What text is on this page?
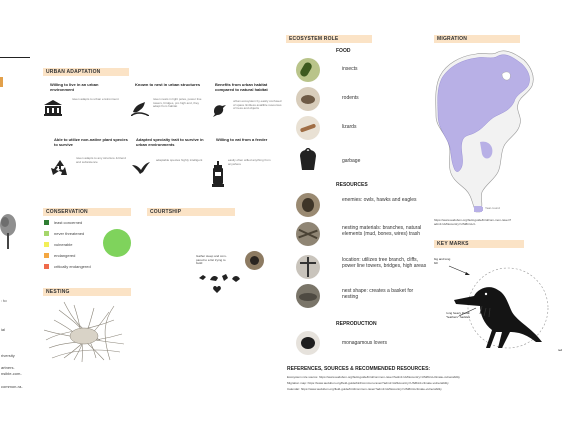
: to
ial
riversity
artners.
nsible-com-
common-ra-
URBAN ADAPTATION
Willing to live in an urban environment
raven adapts to urban environment
Known to nest in urban structures
raven nests in light poles, power line towers, bridges, pro high and, they adapt from habitat
Benefits from urban habitat compared to natural habitat
urban ecosystem by easily confused of space limitless availible resources of tress and objects
Able to utilize non-native plant species to survive
raven adapts to any structure & blend and subsistence
Adapted specialty trait to survive in urban environments
adaptable species highly intelligent
Willing to eat from a feeder
easily often willed anything from anywhere
CONSERVATION
least concerned
never threatened
vulnerable
endangered
critically endangered
COURTSHIP
Gather steep and com-
pared to a list trying to
build
NESTING
ECOSYSTEM ROLE
FOOD
insects
rodents
lizards
garbage
RESOURCES
enemies: owls, hawks and eagles
nesting materials: branches, natural elements (mud, bones, wires) trash
location: utilizes tree branch, cliffs, power line towers, bridges, high areas
nest shape: creates a basket for nesting
REPRODUCTION
monagamous lovers
MIGRATION
Year-round
https://www.audubon.org/field-guide/bird/com-mon-raven?adm1=AZ&country=US#bird-cl-
KEY MARKS
big and long bill
long heavy throat "feathers" hackles
ted
REFERENCES, SOURCES & RECOMMENDED RESOURCES:
Ecosystem role source: https://www.audubon.org/field-guide/bird/common-raven?adm1=AZ&country=US#bird-climate-vulnerability
Migration map: https://www.audubon.org/field-guide/bird/common-raven?adm1=AZ&country=US#bird-climate-vulnerability
Calendar: https://www.audubon.org/field-guide/bird/common-raven?adm1=AZ&country=US#bird-climate-vulnerability
